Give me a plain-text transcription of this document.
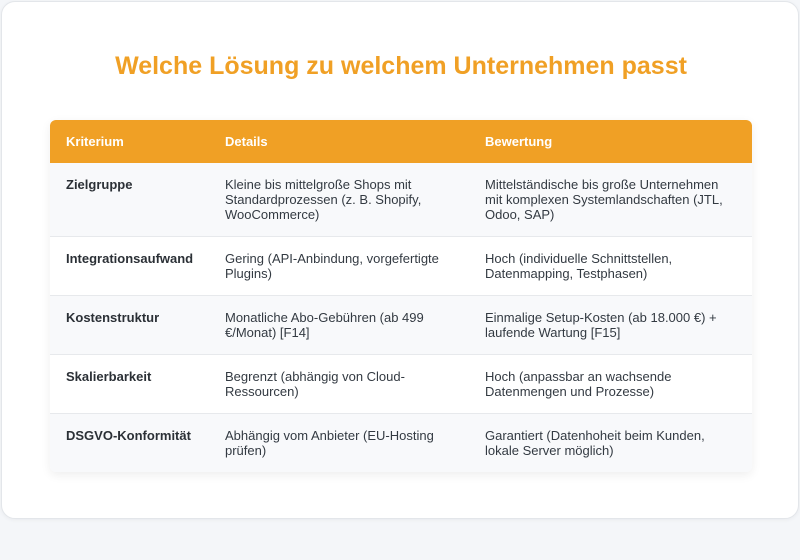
Welche Lösung zu welchem Unternehmen passt
Kriterium	Details	Bewertung
Zielgruppe	Kleine bis mittelgroße Shops mit Standardprozessen (z. B. Shopify, WooCommerce)	Mittelständische bis große Unternehmen mit komplexen Systemlandschaften (JTL, Odoo, SAP)
Integrationsaufwand	Gering (API-Anbindung, vorgefertigte Plugins)	Hoch (individuelle Schnittstellen, Datenmapping, Testphasen)
Kostenstruktur	Monatliche Abo-Gebühren (ab 499 €/Monat) [F14]	Einmalige Setup-Kosten (ab 18.000 €) + laufende Wartung [F15]
Skalierbarkeit	Begrenzt (abhängig von Cloud-Ressourcen)	Hoch (anpassbar an wachsende Datenmengen und Prozesse)
DSGVO-Konformität	Abhängig vom Anbieter (EU-Hosting prüfen)	Garantiert (Datenhoheit beim Kunden, lokale Server möglich)
